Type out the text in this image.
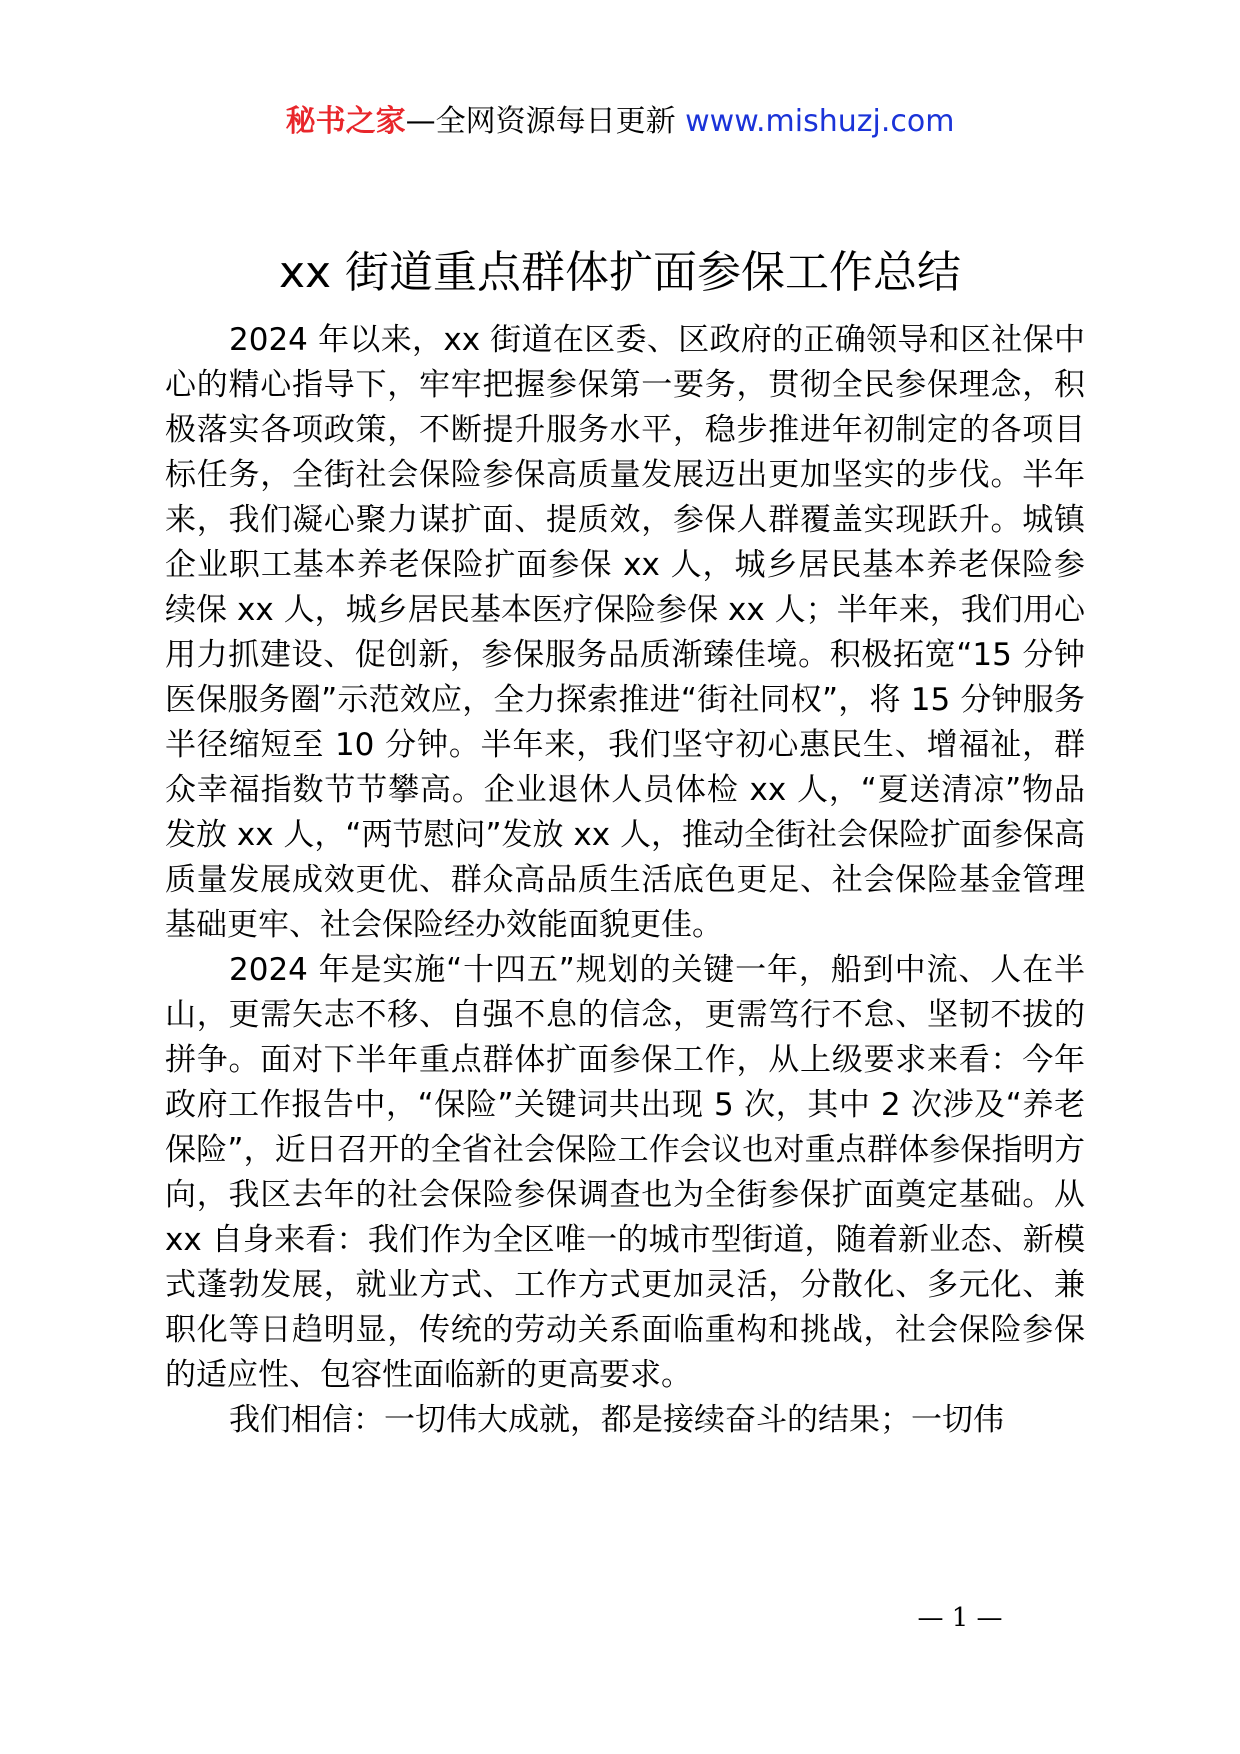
秘书之家—全网资源每日更新 www.mishuzj.com
xx 街道重点群体扩面参保工作总结

2024 年以来，xx 街道在区委、区政府的正确领导和区社保中心的精心指导下，牢牢把握参保第一要务，贯彻全民参保理念，积极落实各项政策，不断提升服务水平，稳步推进年初制定的各项目标任务，全街社会保险参保高质量发展迈出更加坚实的步伐。半年来，我们凝心聚力谋扩面、提质效，参保人群覆盖实现跃升。城镇企业职工基本养老保险扩面参保 xx 人，城乡居民基本养老保险参续保 xx 人，城乡居民基本医疗保险参保 xx 人；半年来，我们用心用力抓建设、促创新，参保服务品质渐臻佳境。积极拓宽“15 分钟医保服务圈”示范效应，全力探索推进“街社同权”，将 15 分钟服务半径缩短至 10 分钟。半年来，我们坚守初心惠民生、增福祉，群众幸福指数节节攀高。企业退休人员体检 xx 人，“夏送清凉”物品发放 xx 人，“两节慰问”发放 xx 人，推动全街社会保险扩面参保高质量发展成效更优、群众高品质生活底色更足、社会保险基金管理基础更牢、社会保险经办效能面貌更佳。

2024 年是实施“十四五”规划的关键一年，船到中流、人在半山，更需矢志不移、自强不息的信念，更需笃行不怠、坚韧不拔的拼争。面对下半年重点群体扩面参保工作，从上级要求来看：今年政府工作报告中，“保险”关键词共出现 5 次，其中 2 次涉及“养老保险”，近日召开的全省社会保险工作会议也对重点群体参保指明方向，我区去年的社会保险参保调查也为全街参保扩面奠定基础。从 xx 自身来看：我们作为全区唯一的城市型街道，随着新业态、新模式蓬勃发展，就业方式、工作方式更加灵活，分散化、多元化、兼职化等日趋明显，传统的劳动关系面临重构和挑战，社会保险参保的适应性、包容性面临新的更高要求。

我们相信：一切伟大成就，都是接续奋斗的结果；一切伟

— 1 —
